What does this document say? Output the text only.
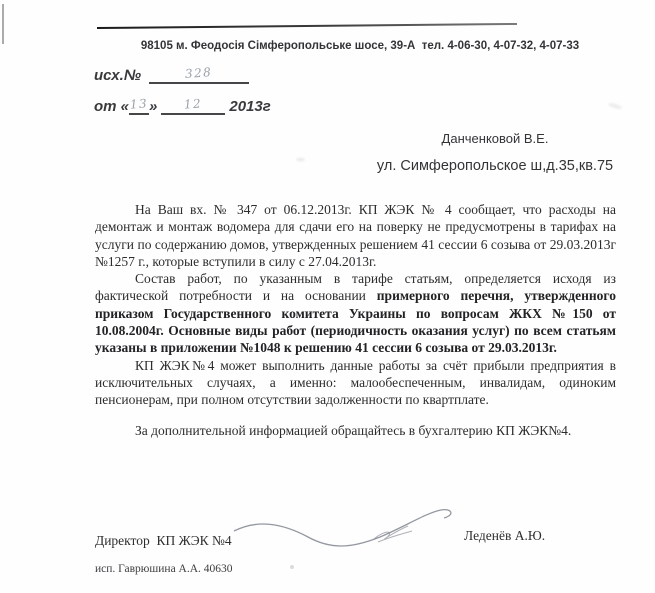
98105 м. Феодосія Сімферопольське шосе, 39-А  тел. 4-06-30, 4-07-32, 4-07-33
исх.№	328
от «13» 12 2013г

Данченковой В.Е.

ул. Симферопольское ш,д.35,кв.75

На Ваш вх. № 347 от 06.12.2013г. КП ЖЭК № 4 сообщает, что расходы на демонтаж и монтаж водомера для сдачи его на поверку не предусмотрены в тарифах на услуги по содержанию домов, утвержденных решением 41 сессии 6 созыва от 29.03.2013г №1257 г., которые вступили в силу с 27.04.2013г.

Состав работ, по указанным в тарифе статьям, определяется исходя из фактической потребности и на основании примерного перечня, утвержденного приказом Государственного комитета Украины по вопросам ЖКХ №150 от 10.08.2004г. Основные виды работ (периодичность оказания услуг) по всем статьям указаны в приложении №1048 к решению 41 сессии 6 созыва от 29.03.2013г.

КП ЖЭК№4 может выполнить данные работы за счёт прибыли предприятия в исключительных случаях, а именно: малообеспеченным, инвалидам, одиноким пенсионерам, при полном отсутствии задолженности по квартплате.

За дополнительной информацией обращайтесь в бухгалтерию КП ЖЭК№4.

Директор  КП ЖЭК №4	Леденёв А.Ю.
исп. Гаврюшина А.А. 40630
